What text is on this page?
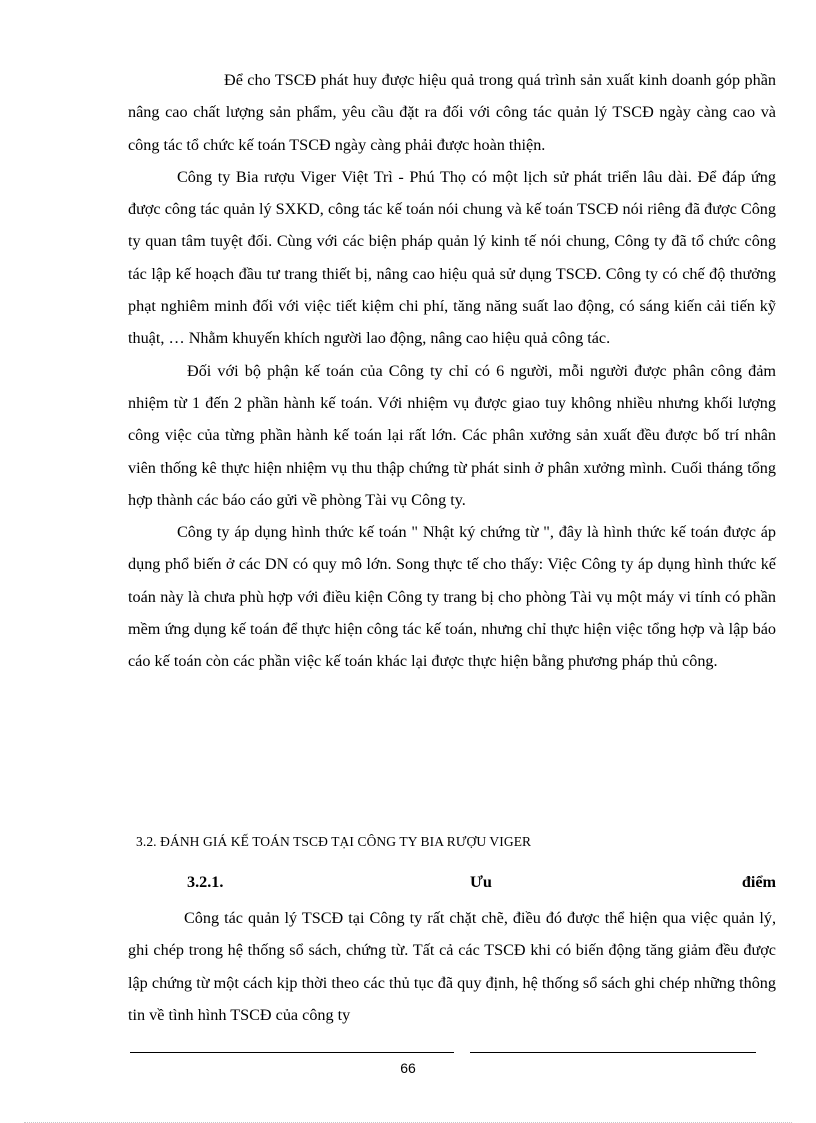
Để cho TSCĐ phát huy được hiệu quả trong quá trình sản xuất kinh doanh góp phần nâng cao chất lượng sản phẩm, yêu cầu đặt ra đối với công tác quản lý TSCĐ ngày càng cao và công tác tổ chức kế toán TSCĐ ngày càng phải được hoàn thiện.

Công ty Bia rượu Viger Việt Trì - Phú Thọ có một lịch sử phát triển lâu dài. Để đáp ứng được công tác quản lý SXKD, công tác kế toán nói chung và kế toán TSCĐ nói riêng đã được Công ty quan tâm tuyệt đối. Cùng với các biện pháp quản lý kinh tế nói chung, Công ty đã tổ chức công tác lập kế hoạch đầu tư trang thiết bị, nâng cao hiệu quả sử dụng TSCĐ. Công ty có chế độ thưởng phạt nghiêm minh đối với việc tiết kiệm chi phí, tăng năng suất lao động, có sáng kiến cải tiến kỹ thuật, … Nhằm khuyến khích người lao động, nâng cao hiệu quả công tác.

Đối với bộ phận kế toán của Công ty chỉ có 6 người, mỗi người được phân công đảm nhiệm từ 1 đến 2 phần hành kế toán. Với nhiệm vụ được giao tuy không nhiều nhưng khối lượng công việc của từng phần hành kế toán lại rất lớn. Các phân xưởng sản xuất đều được bố trí nhân viên thống kê thực hiện nhiệm vụ thu thập chứng từ phát sinh ở phân xưởng mình. Cuối tháng tổng hợp thành các báo cáo gửi về phòng Tài vụ Công ty.

Công ty áp dụng hình thức kế toán " Nhật ký chứng từ ", đây là hình thức kế toán được áp dụng phổ biến ở các DN có quy mô lớn. Song thực tế cho thấy: Việc Công ty áp dụng hình thức kế toán này là chưa phù hợp với điều kiện Công ty trang bị cho phòng Tài vụ một máy vi tính có phần mềm ứng dụng kế toán để thực hiện công tác kế toán, nhưng chỉ thực hiện việc tổng hợp và lập báo cáo kế toán còn các phần việc kế toán khác lại được thực hiện bằng phương pháp thủ công.

3.2. ĐÁNH GIÁ KẾ TOÁN TSCĐ TẠI CÔNG TY BIA RƯỢU VIGER
3.2.1.	Ưu	điểm

Công tác quản lý TSCĐ tại Công ty rất chặt chẽ, điều đó được thể hiện qua việc quản lý, ghi chép trong hệ thống sổ sách, chứng từ. Tất cả các TSCĐ khi có biến động tăng giảm đều được lập chứng từ một cách kịp thời theo các thủ tục đã quy định, hệ thống sổ sách ghi chép những thông tin về tình hình TSCĐ của công ty

66
